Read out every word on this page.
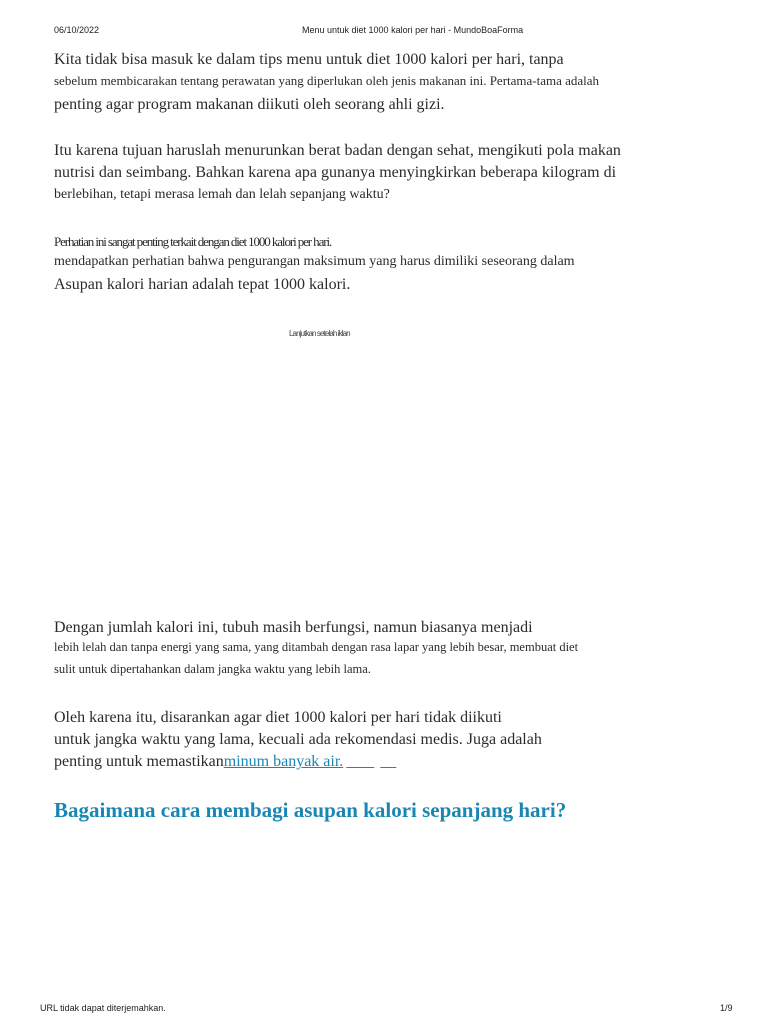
06/10/2022	Menu untuk diet 1000 kalori per hari - MundoBoaForma
Kita tidak bisa masuk ke dalam tips menu untuk diet 1000 kalori per hari, tanpa
sebelum membicarakan tentang perawatan yang diperlukan oleh jenis makanan ini. Pertama-tama adalah
penting agar program makanan diikuti oleh seorang ahli gizi.
Itu karena tujuan haruslah menurunkan berat badan dengan sehat, mengikuti pola makan
nutrisi dan seimbang. Bahkan karena apa gunanya menyingkirkan beberapa kilogram di
berlebihan, tetapi merasa lemah dan lelah sepanjang waktu?
Perhatian ini sangat penting terkait dengan diet 1000 kalori per hari.
mendapatkan perhatian bahwa pengurangan maksimum yang harus dimiliki seseorang dalam
Asupan kalori harian adalah tepat 1000 kalori.
Lanjutkan setelah iklan
Dengan jumlah kalori ini, tubuh masih berfungsi, namun biasanya menjadi
lebih lelah dan tanpa energi yang sama, yang ditambah dengan rasa lapar yang lebih besar, membuat diet
sulit untuk dipertahankan dalam jangka waktu yang lebih lama.
Oleh karena itu, disarankan agar diet 1000 kalori per hari tidak diikuti
untuk jangka waktu yang lama, kecuali ada rekomendasi medis. Juga adalah
penting untuk memastikanminum banyak air.
Bagaimana cara membagi asupan kalori sepanjang hari?
URL tidak dapat diterjemahkan.	1/9
